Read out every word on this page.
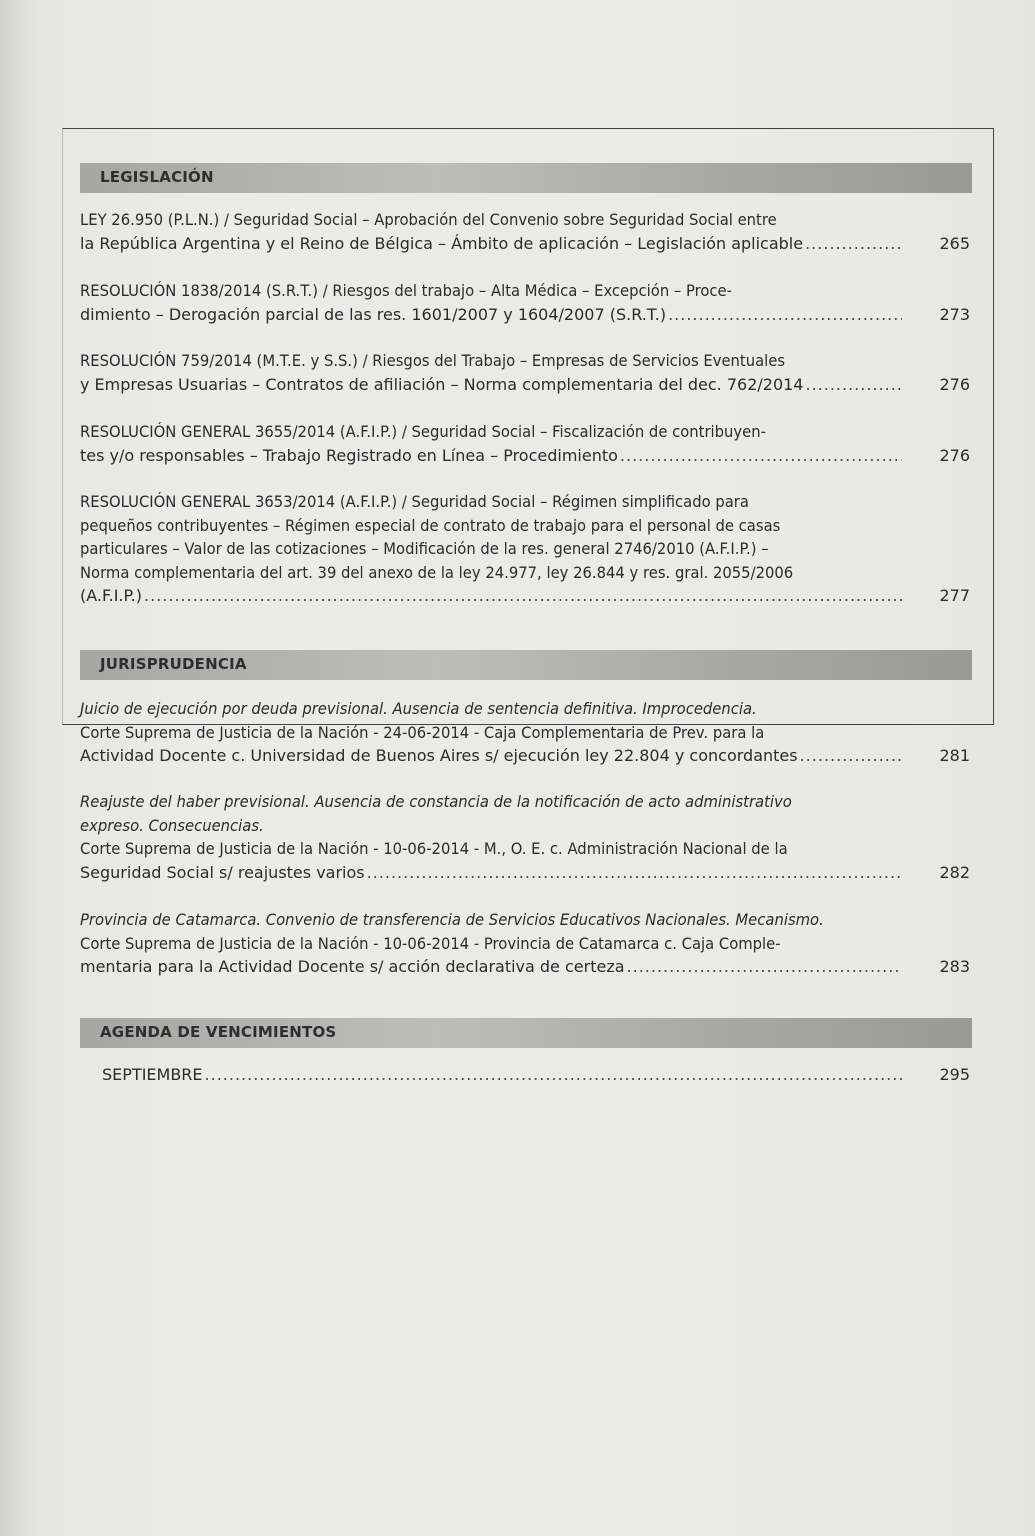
LEGISLACIÓN
LEY 26.950 (P.L.N.) / Seguridad Social – Aprobación del Convenio sobre Seguridad Social entre
la República Argentina y el Reino de Bélgica – Ámbito de aplicación – Legislación aplicable .....	265
RESOLUCIÓN 1838/2014 (S.R.T.) / Riesgos del trabajo – Alta Médica – Excepción – Proce-
dimiento – Derogación parcial de las res. 1601/2007 y 1604/2007 (S.R.T.) .....	273
RESOLUCIÓN 759/2014 (M.T.E. y S.S.) / Riesgos del Trabajo – Empresas de Servicios Eventuales
y Empresas Usuarias – Contratos de afiliación – Norma complementaria del dec. 762/2014 .....	276
RESOLUCIÓN GENERAL 3655/2014 (A.F.I.P.) / Seguridad Social – Fiscalización de contribuyen-
tes y/o responsables – Trabajo Registrado en Línea – Procedimiento .....	276
RESOLUCIÓN GENERAL 3653/2014 (A.F.I.P.) / Seguridad Social – Régimen simplificado para
pequeños contribuyentes – Régimen especial de contrato de trabajo para el personal de casas
particulares – Valor de las cotizaciones – Modificación de la res. general 2746/2010 (A.F.I.P.) –
Norma complementaria del art. 39 del anexo de la ley 24.977, ley 26.844 y res. gral. 2055/2006
(A.F.I.P.) .....	277
JURISPRUDENCIA
Juicio de ejecución por deuda previsional. Ausencia de sentencia definitiva. Improcedencia.
Corte Suprema de Justicia de la Nación - 24-06-2014 - Caja Complementaria de Prev. para la
Actividad Docente c. Universidad de Buenos Aires s/ ejecución ley 22.804 y concordantes .....	281
Reajuste del haber previsional. Ausencia de constancia de la notificación de acto administrativo
expreso. Consecuencias.
Corte Suprema de Justicia de la Nación - 10-06-2014 - M., O. E. c. Administración Nacional de la
Seguridad Social s/ reajustes varios .....	282
Provincia de Catamarca. Convenio de transferencia de Servicios Educativos Nacionales. Mecanismo.
Corte Suprema de Justicia de la Nación - 10-06-2014 - Provincia de Catamarca c. Caja Comple-
mentaria para la Actividad Docente s/ acción declarativa de certeza .....	283
AGENDA DE VENCIMIENTOS
SEPTIEMBRE .....	295
